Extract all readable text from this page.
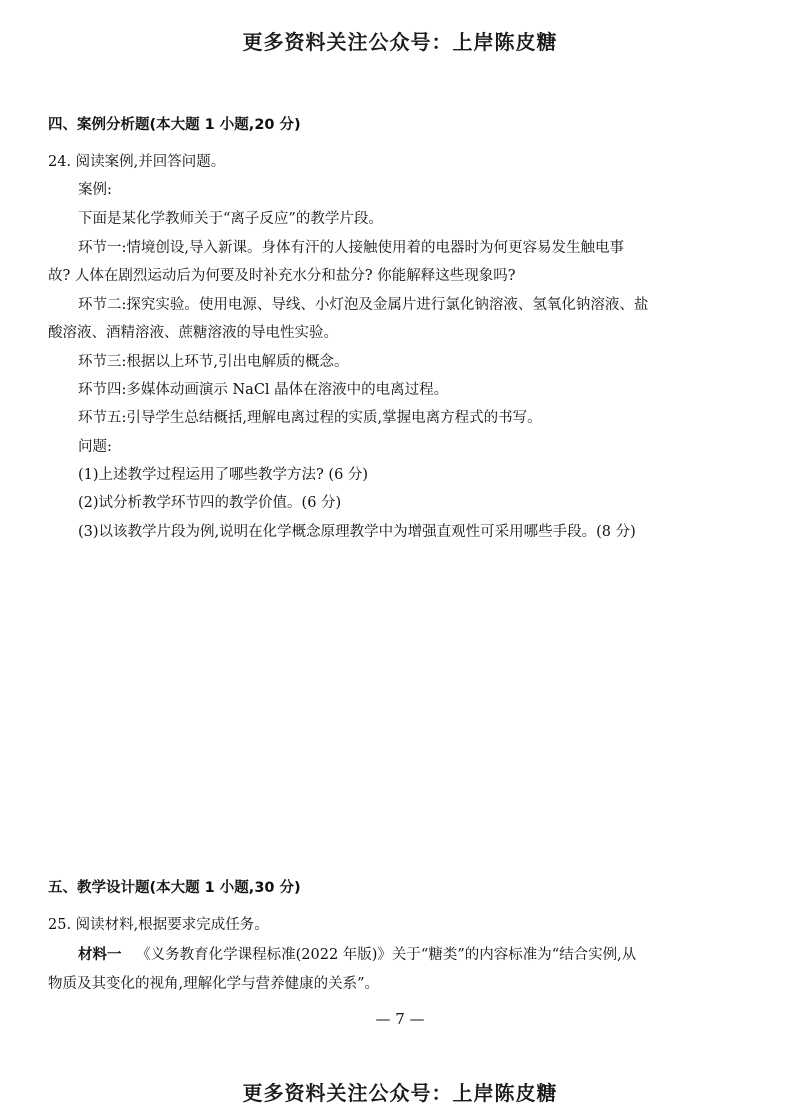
更多资料关注公众号：上岸陈皮糖
四、案例分析题(本大题 1 小题,20 分)
24. 阅读案例,并回答问题。
案例:
下面是某化学教师关于“离子反应”的教学片段。
环节一:情境创设,导入新课。身体有汗的人接触使用着的电器时为何更容易发生触电事
故? 人体在剧烈运动后为何要及时补充水分和盐分? 你能解释这些现象吗?
环节二:探究实验。使用电源、导线、小灯泡及金属片进行氯化钠溶液、氢氧化钠溶液、盐
酸溶液、酒精溶液、蔗糖溶液的导电性实验。
环节三:根据以上环节,引出电解质的概念。
环节四:多媒体动画演示 NaCl 晶体在溶液中的电离过程。
环节五:引导学生总结概括,理解电离过程的实质,掌握电离方程式的书写。
问题:
(1)上述教学过程运用了哪些教学方法? (6 分)
(2)试分析教学环节四的教学价值。(6 分)
(3)以该教学片段为例,说明在化学概念原理教学中为增强直观性可采用哪些手段。(8 分)
五、教学设计题(本大题 1 小题,30 分)
25. 阅读材料,根据要求完成任务。
材料一 《义务教育化学课程标准(2022 年版)》关于“糖类”的内容标准为“结合实例,从
物质及其变化的视角,理解化学与营养健康的关系”。
— 7 —
更多资料关注公众号：上岸陈皮糖
